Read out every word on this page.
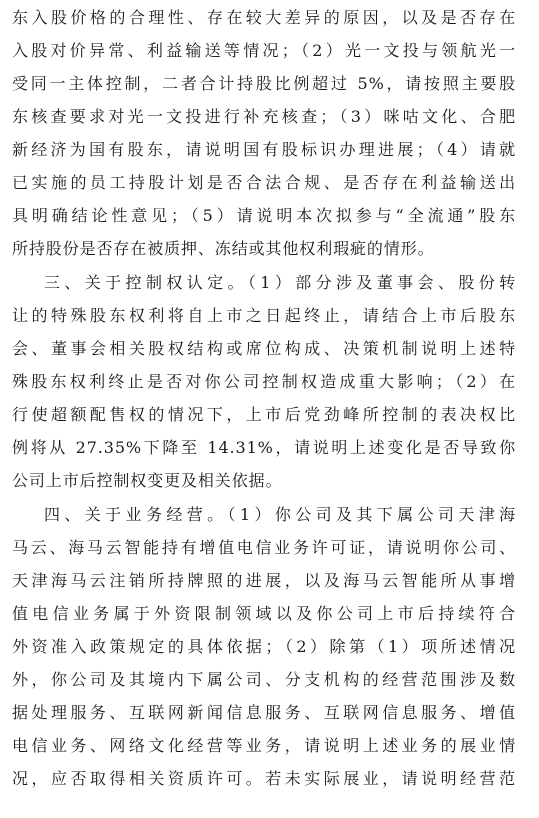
东入股价格的合理性、存在较大差异的原因，以及是否存在
入股对价异常、利益输送等情况；（2）光一文投与领航光一
受同一主体控制，二者合计持股比例超过 5%，请按照主要股
东核查要求对光一文投进行补充核查；（3）咪咕文化、合肥
新经济为国有股东，请说明国有股标识办理进展；（4）请就
已实施的员工持股计划是否合法合规、是否存在利益输送出
具明确结论性意见；（5）请说明本次拟参与“全流通”股东
所持股份是否存在被质押、冻结或其他权利瑕疵的情形。
三、关于控制权认定。（1）部分涉及董事会、股份转
让的特殊股东权利将自上市之日起终止，请结合上市后股东
会、董事会相关股权结构或席位构成、决策机制说明上述特
殊股东权利终止是否对你公司控制权造成重大影响；（2）在
行使超额配售权的情况下，上市后党劲峰所控制的表决权比
例将从 27.35%下降至 14.31%，请说明上述变化是否导致你
公司上市后控制权变更及相关依据。
四、关于业务经营。（1）你公司及其下属公司天津海
马云、海马云智能持有增值电信业务许可证，请说明你公司、
天津海马云注销所持牌照的进展，以及海马云智能所从事增
值电信业务属于外资限制领域以及你公司上市后持续符合
外资准入政策规定的具体依据；（2）除第（1）项所述情况
外，你公司及其境内下属公司、分支机构的经营范围涉及数
据处理服务、互联网新闻信息服务、互联网信息服务、增值
电信业务、网络文化经营等业务，请说明上述业务的展业情
况，应否取得相关资质许可。若未实际展业，请说明经营范
